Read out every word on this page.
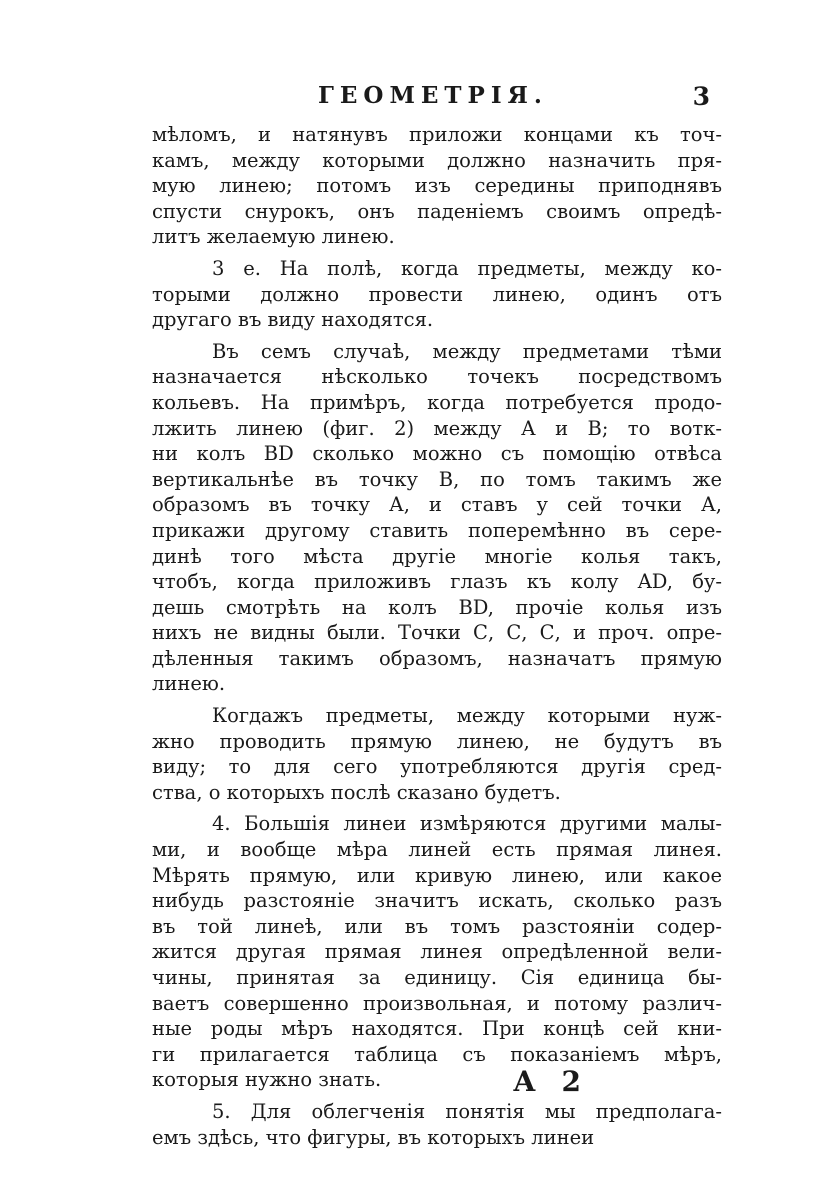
ГЕОМЕТРІЯ.	3
мѣломъ, и натянувъ приложи концами къ точ-
камъ, между которыми должно назначить пря-
мую линею; потомъ изъ середины приподнявъ
спусти снурокъ, онъ паденіемъ своимъ опредѣ-
литъ желаемую линею.
3 е. На полѣ, когда предметы, между ко-
торыми должно провести линею, одинъ отъ
другаго въ виду находятся.
Въ семъ случаѣ, между предметами тѣми
назначается нѣсколько точекъ посредствомъ
кольевъ. На примѣръ, когда потребуется продо-
лжить линею (фиг. 2) между А и В; то вотк-
ни колъ BD сколько можно съ помощію отвѣса
вертикальнѣе въ точку В, по томъ такимъ же
образомъ въ точку А, и ставъ у сей точки А,
прикажи другому ставить поперемѣнно въ сере-
динѣ того мѣста другіе многіе колья такъ,
чтобъ, когда приложивъ глазъ къ колу AD, бу-
дешь смотрѣть на колъ BD, прочіе колья изъ
нихъ не видны были. Точки С, С, С, и проч. опре-
дѣленныя такимъ образомъ, назначатъ прямую
линею.
Когдажъ предметы, между которыми нуж-
жно проводить прямую линею, не будутъ въ
виду; то для сего употребляются другія сред-
ства, о которыхъ послѣ сказано будетъ.
4. Большія линеи измѣряются другими малы-
ми, и вообще мѣра линей есть прямая линея.
Мѣрять прямую, или кривую линею, или какое
нибудь разстояніе значитъ искать, сколько разъ
въ той линеѣ, или въ томъ разстояніи содер-
жится другая прямая линея опредѣленной вели-
чины, принятая за единицу. Сія единица бы-
ваетъ совершенно произвольная, и потому различ-
ные роды мѣръ находятся. При концѣ сей кни-
ги прилагается таблица съ показаніемъ мѣръ,
которыя нужно знать.
5. Для облегченія понятія мы предполага-
емъ здѣсь, что фигуры, въ которыхъ линеи
А 2
